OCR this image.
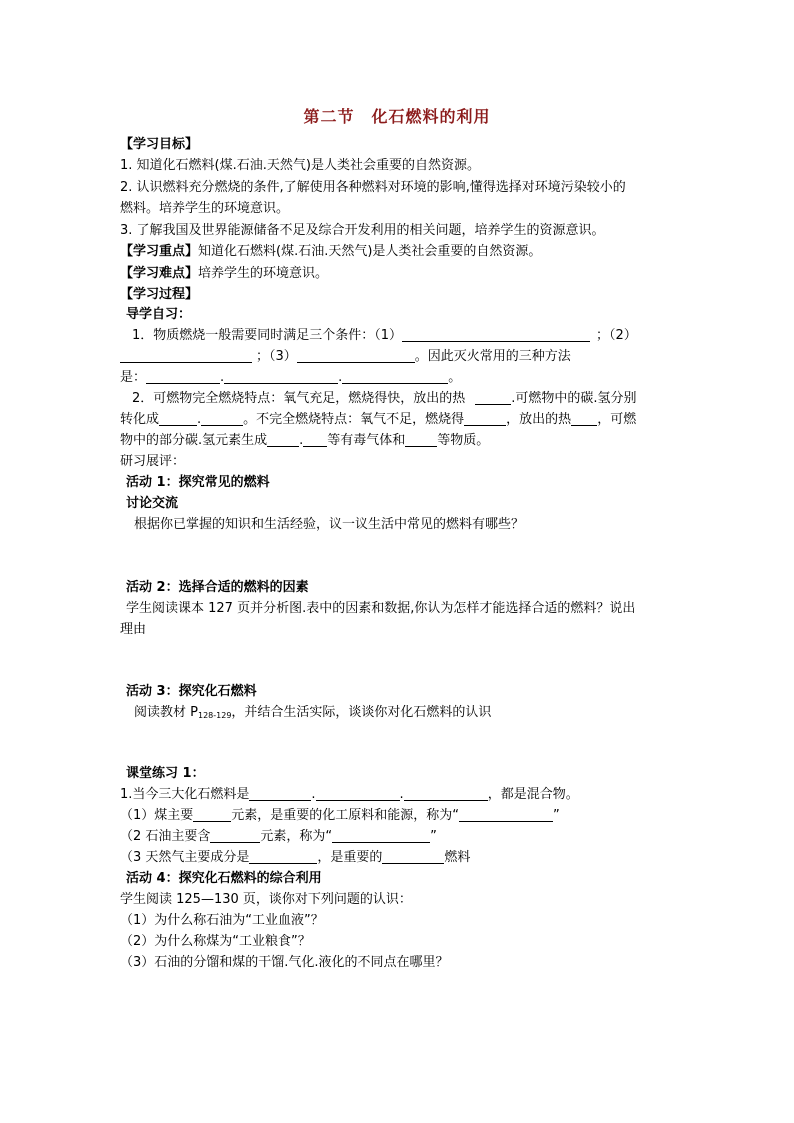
第二节　化石燃料的利用
【学习目标】
1. 知道化石燃料(煤.石油.天然气)是人类社会重要的自然资源。
2. 认识燃料充分燃烧的条件,了解使用各种燃料对环境的影响,懂得选择对环境污染较小的
燃料。培养学生的环境意识。
3. 了解我国及世界能源储备不足及综合开发利用的相关问题，培养学生的资源意识。
【学习重点】知道化石燃料(煤.石油.天然气)是人类社会重要的自然资源。
【学习难点】培养学生的环境意识。
【学习过程】
导学自习：
1．物质燃烧一般需要同时满足三个条件：（1）	；（2）
；（3）	。因此灭火常用的三种方法
是：	.	.	。
2．可燃物完全燃烧特点：氧气充足，燃烧得快，放出的热	.可燃物中的碳.氢分别
转化成	.	。不完全燃烧特点：氧气不足，燃烧得	，放出的热 ，可燃
物中的部分碳.氢元素生成 . 等有毒气体和 等物质。
研习展评：
活动 1：探究常见的燃料
讨论交流
根据你已掌握的知识和生活经验，议一议生活中常见的燃料有哪些？
活动 2：选择合适的燃料的因素
学生阅读课本 127 页并分析图.表中的因素和数据,你认为怎样才能选择合适的燃料？说出
理由
活动 3：探究化石燃料
阅读教材 $P_{128-129}$，并结合生活实际，谈谈你对化石燃料的认识
课堂练习 1：
1.当今三大化石燃料是	.	.	，都是混合物。
（1）煤主要	元素，是重要的化工原料和能源，称为“	”
（2 石油主要含	元素，称为“	”
（3 天然气主要成分是	，是重要的	燃料
活动 4：探究化石燃料的综合利用
学生阅读 125—130 页，谈你对下列问题的认识：
（1）为什么称石油为“工业血液”？
（2）为什么称煤为“工业粮食”？
（3）石油的分馏和煤的干馏.气化.液化的不同点在哪里？
